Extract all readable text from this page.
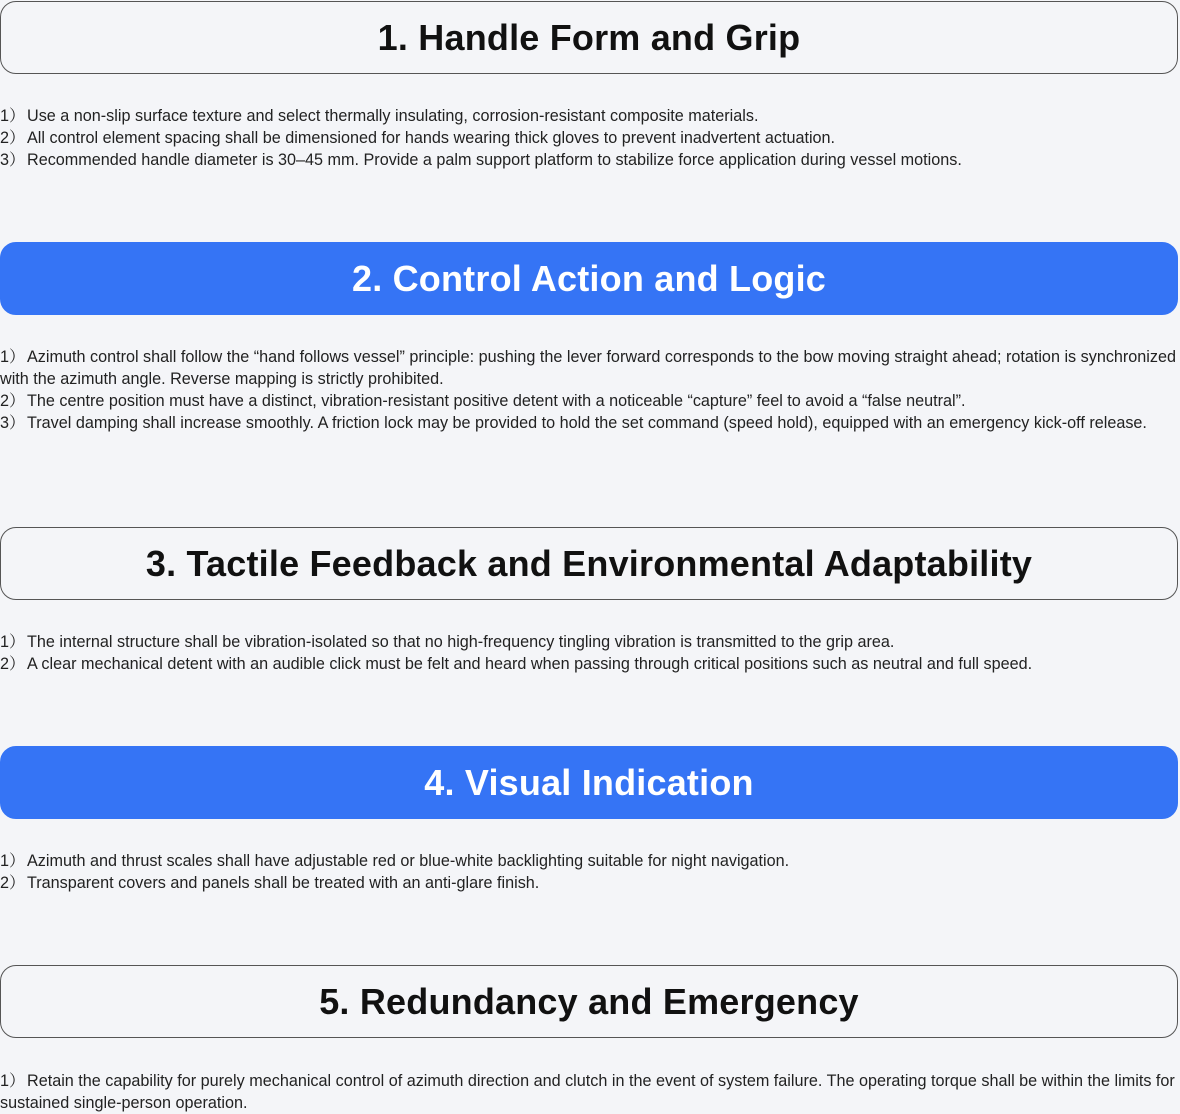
1. Handle Form and Grip

1） Use a non-slip surface texture and select thermally insulating, corrosion-resistant composite materials.

2） All control element spacing shall be dimensioned for hands wearing thick gloves to prevent inadvertent actuation.

3） Recommended handle diameter is 30–45 mm. Provide a palm support platform to stabilize force application during vessel motions.

2. Control Action and Logic

1） Azimuth control shall follow the “hand follows vessel” principle: pushing the lever forward corresponds to the bow moving straight ahead; rotation is synchronized with the azimuth angle. Reverse mapping is strictly prohibited.

2） The centre position must have a distinct, vibration-resistant positive detent with a noticeable “capture” feel to avoid a “false neutral”.

3） Travel damping shall increase smoothly. A friction lock may be provided to hold the set command (speed hold), equipped with an emergency kick-off release.

3. Tactile Feedback and Environmental Adaptability

1） The internal structure shall be vibration-isolated so that no high-frequency tingling vibration is transmitted to the grip area.

2） A clear mechanical detent with an audible click must be felt and heard when passing through critical positions such as neutral and full speed.

4. Visual Indication

1） Azimuth and thrust scales shall have adjustable red or blue-white backlighting suitable for night navigation.

2） Transparent covers and panels shall be treated with an anti-glare finish.

5. Redundancy and Emergency

1） Retain the capability for purely mechanical control of azimuth direction and clutch in the event of system failure. The operating torque shall be within the limits for sustained single-person operation.
